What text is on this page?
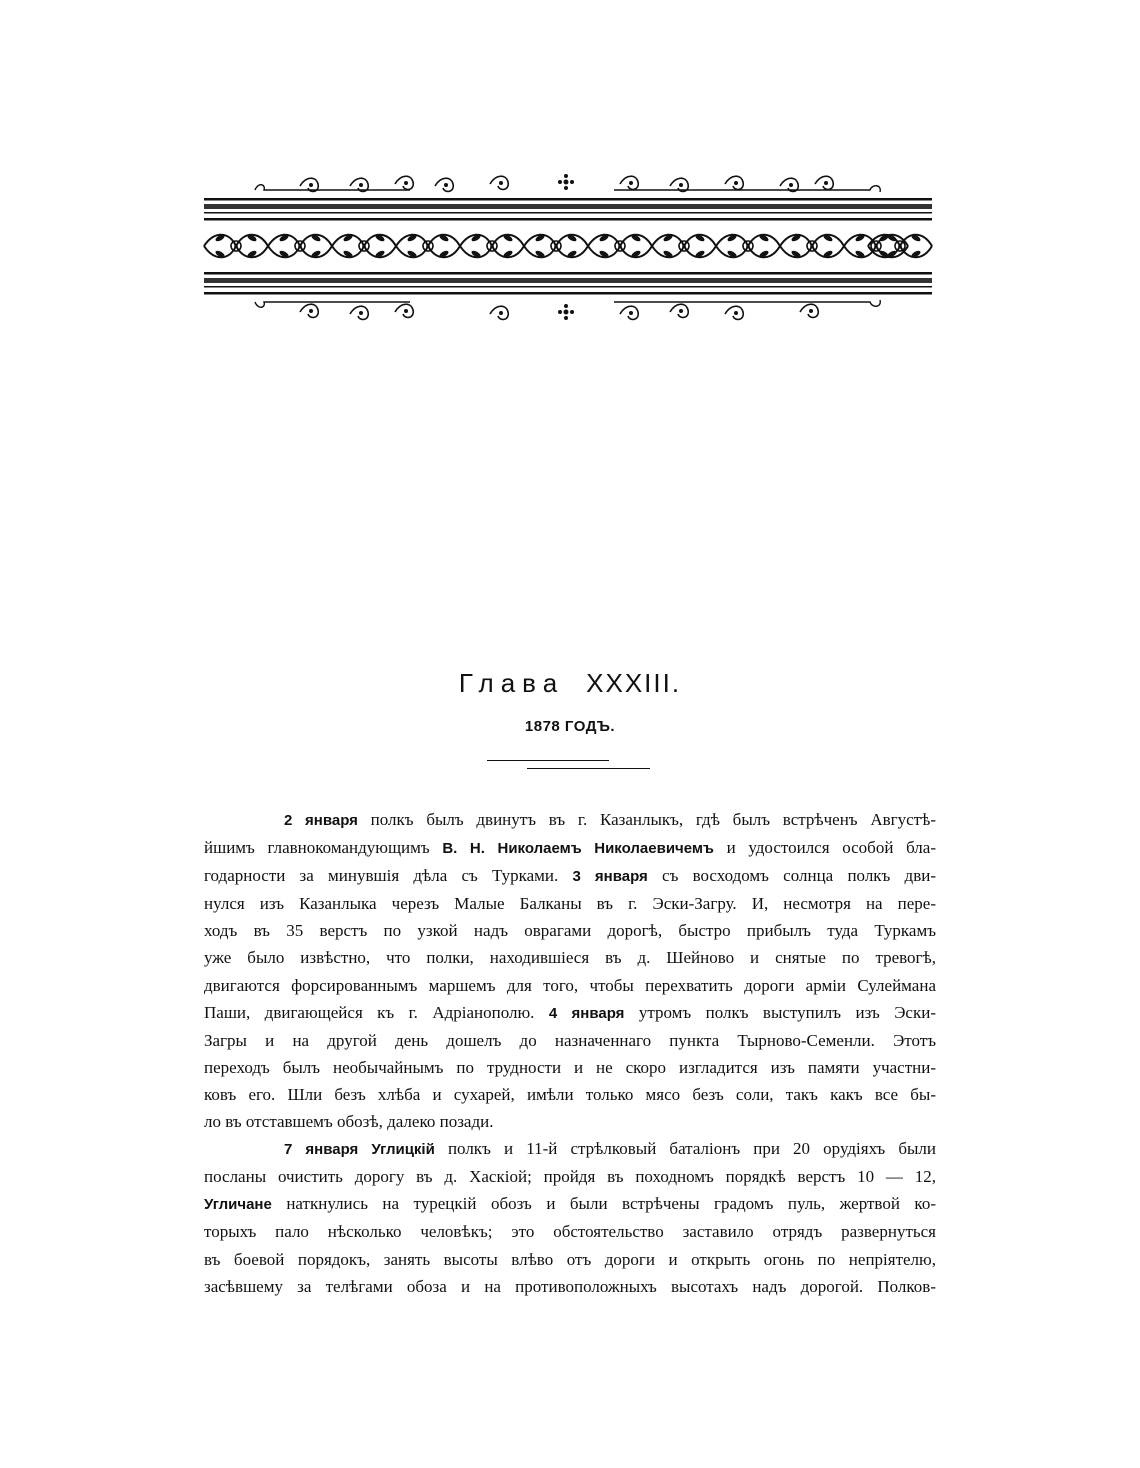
Глава XXXIII.
1878 ГОДЪ.

2 января полкъ былъ двинутъ въ г. Казанлыкъ, гдѣ былъ встрѣченъ Августѣ-
йшимъ главнокомандующимъ В. Н. Николаемъ Николаевичемъ и удостоился особой бла-
годарности за минувшія дѣла съ Турками. 3 января съ восходомъ солнца полкъ дви-
нулся изъ Казанлыка черезъ Малые Балканы въ г. Эски-Загру. И, несмотря на пере-
ходъ въ 35 верстъ по узкой надъ оврагами дорогѣ, быстро прибылъ туда Туркамъ
уже было извѣстно, что полки, находившіеся въ д. Шейново и снятые по тревогѣ,
двигаются форсированнымъ маршемъ для того, чтобы перехватить дороги арміи Сулеймана
Паши, двигающейся къ г. Адріанополю. 4 января утромъ полкъ выступилъ изъ Эски-
Загры и на другой день дошелъ до назначеннаго пункта Тырново-Семенли. Этотъ
переходъ былъ необычайнымъ по трудности и не скоро изгладится изъ памяти участни-
ковъ его. Шли безъ хлѣба и сухарей, имѣли только мясо безъ соли, такъ какъ все бы-
ло въ отставшемъ обозѣ, далеко позади.

7 января Углицкій полкъ и 11-й стрѣлковый баталіонъ при 20 орудіяхъ были
посланы очистить дорогу въ д. Хаскіой; пройдя въ походномъ порядкѣ верстъ 10 — 12,
Угличане наткнулись на турецкій обозъ и были встрѣчены градомъ пуль, жертвой ко-
торыхъ пало нѣсколько человѣкъ; это обстоятельство заставило отрядъ развернуться
въ боевой порядокъ, занять высоты влѣво отъ дороги и открыть огонь по непріятелю,
засѣвшему за телѣгами обоза и на противоположныхъ высотахъ надъ дорогой. Полков-
